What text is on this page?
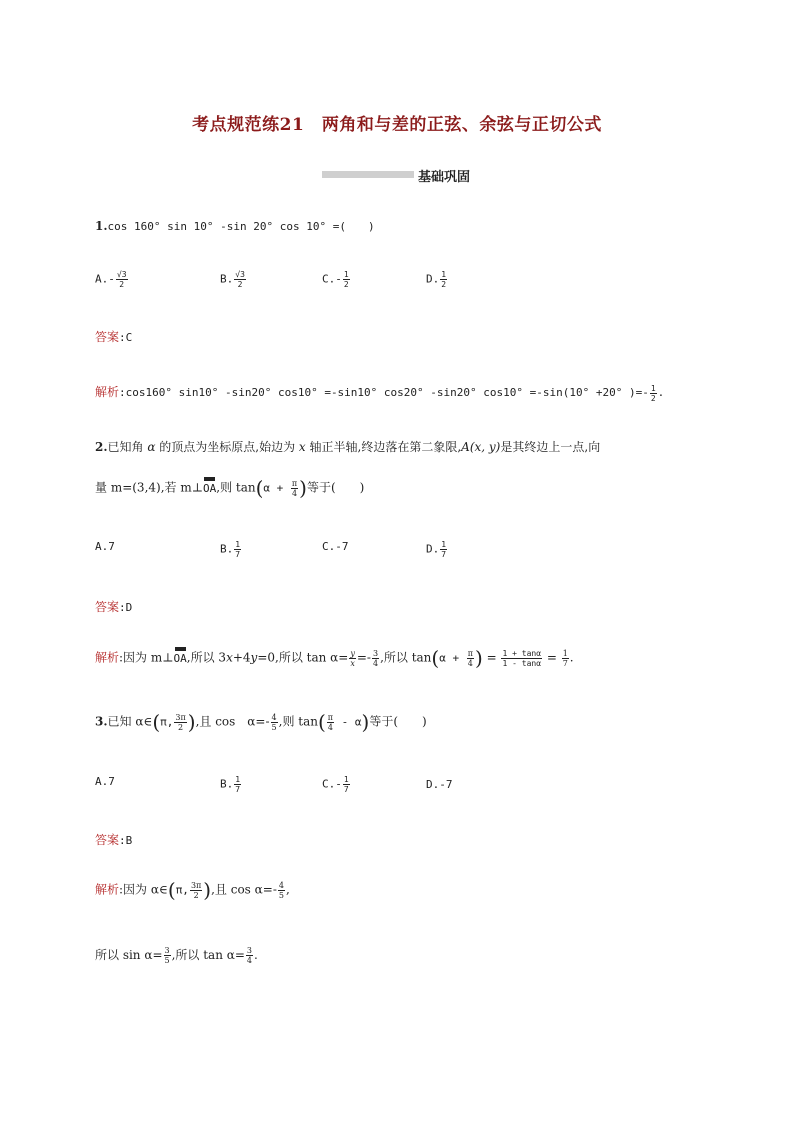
考点规范练21　两角和与差的正弦、余弦与正切公式
基础巩固
1.cos 160° sin 10° -sin 20° cos 10° =(　　)
$A.- \frac{√3}{2}$	B. $\frac{√3}{2}$	$C.- \frac{1}{2}$	D. $\frac{1}{2}$
答案:C
解析:cos160° sin10° -sin20° cos10° =-sin10° cos20° -sin20° cos10° =-sin(10° +20° )=- $\frac{1}{2}$ .
2.已知角 α 的顶点为坐标原点,始边为 x 轴正半轴,终边落在第二象限,A(x, y)是其终边上一点,向
量 m=(3,4),若 m⊥OA,则 $\tan(\alpha + \frac{\pi}{4}$ )等于(　　)
A.7	B. $\frac{1}{7}$	C.-7	D. $\frac{1}{7}$
答案:D
解析:因为 m⊥OA,所以 3x+4y=0,所以 $\tan \alpha= \frac{y}{x} =- \frac{3}{4}$ ,所以 $\tan(\alpha + \frac{\pi}{4}$ ) = $\frac{1 + \tan\alpha}{1 - \tan\alpha} = \frac{1}{7}$ .
3.已知 α∈(π, $\frac{3\pi}{2}$ ),且 cos　$\alpha=- \frac{4}{5}$ ,则 $\tan( \frac{\pi}{4} - \alpha)$等于(　　)
A.7	B. $\frac{1}{7}$	$C.- \frac{1}{7}$	D.-7
答案:B
解析:因为 α∈(π, $\frac{3\pi}{2}$ ),且 $\cos \alpha=- \frac{4}{5}$ ,
所以 $\sin \alpha= \frac{3}{5}$ ,所以 $\tan \alpha= \frac{3}{4}$ .
